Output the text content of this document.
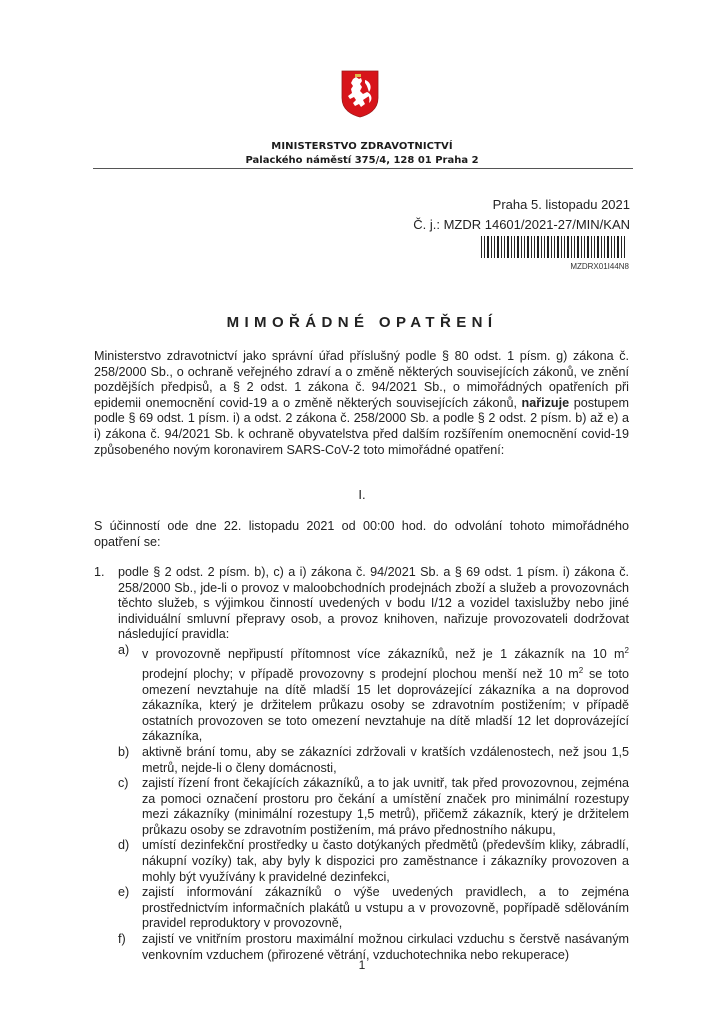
MINISTERSTVO ZDRAVOTNICTVÍ
Palackého náměstí 375/4, 128 01 Praha 2
Praha 5. listopadu 2021
Č. j.: MZDR 14601/2021-27/MIN/KAN
MZDRX01I44N8
MIMOŘÁDNÉ OPATŘENÍ
Ministerstvo zdravotnictví jako správní úřad příslušný podle § 80 odst. 1 písm. g) zákona č. 258/2000 Sb., o ochraně veřejného zdraví a o změně některých souvisejících zákonů, ve znění pozdějších předpisů, a § 2 odst. 1 zákona č. 94/2021 Sb., o mimořádných opatřeních při epidemii onemocnění covid-19 a o změně některých souvisejících zákonů, nařizuje postupem podle § 69 odst. 1 písm. i) a odst. 2 zákona č. 258/2000 Sb. a podle § 2 odst. 2 písm. b) až e) a i) zákona č. 94/2021 Sb. k ochraně obyvatelstva před dalším rozšířením onemocnění covid-19 způsobeného novým koronavirem SARS-CoV-2 toto mimořádné opatření:
I.
S účinností ode dne 22. listopadu 2021 od 00:00 hod. do odvolání tohoto mimořádného opatření se:
1. podle § 2 odst. 2 písm. b), c) a i) zákona č. 94/2021 Sb. a § 69 odst. 1 písm. i) zákona č. 258/2000 Sb., jde-li o provoz v maloobchodních prodejnách zboží a služeb a provozovnách těchto služeb, s výjimkou činností uvedených v bodu I/12 a vozidel taxislužby nebo jiné individuální smluvní přepravy osob, a provoz knihoven, nařizuje provozovateli dodržovat následující pravidla:
a) v provozovně nepřipustí přítomnost více zákazníků, než je 1 zákazník na 10 $m^2$ prodejní plochy; v případě provozovny s prodejní plochou menší než 10 $m^2$ se toto omezení nevztahuje na dítě mladší 15 let doprovázející zákazníka a na doprovod zákazníka, který je držitelem průkazu osoby se zdravotním postižením; v případě ostatních provozoven se toto omezení nevztahuje na dítě mladší 12 let doprovázející zákazníka,
b) aktivně brání tomu, aby se zákazníci zdržovali v kratších vzdálenostech, než jsou 1,5 metrů, nejde-li o členy domácnosti,
c) zajistí řízení front čekajících zákazníků, a to jak uvnitř, tak před provozovnou, zejména za pomoci označení prostoru pro čekání a umístění značek pro minimální rozestupy mezi zákazníky (minimální rozestupy 1,5 metrů), přičemž zákazník, který je držitelem průkazu osoby se zdravotním postižením, má právo přednostního nákupu,
d) umístí dezinfekční prostředky u často dotýkaných předmětů (především kliky, zábradlí, nákupní vozíky) tak, aby byly k dispozici pro zaměstnance i zákazníky provozoven a mohly být využívány k pravidelné dezinfekci,
e) zajistí informování zákazníků o výše uvedených pravidlech, a to zejména prostřednictvím informačních plakátů u vstupu a v provozovně, popřípadě sdělováním pravidel reproduktory v provozovně,
f) zajistí ve vnitřním prostoru maximální možnou cirkulaci vzduchu s čerstvě nasávaným venkovním vzduchem (přirozené větrání, vzduchotechnika nebo rekuperace)
1
